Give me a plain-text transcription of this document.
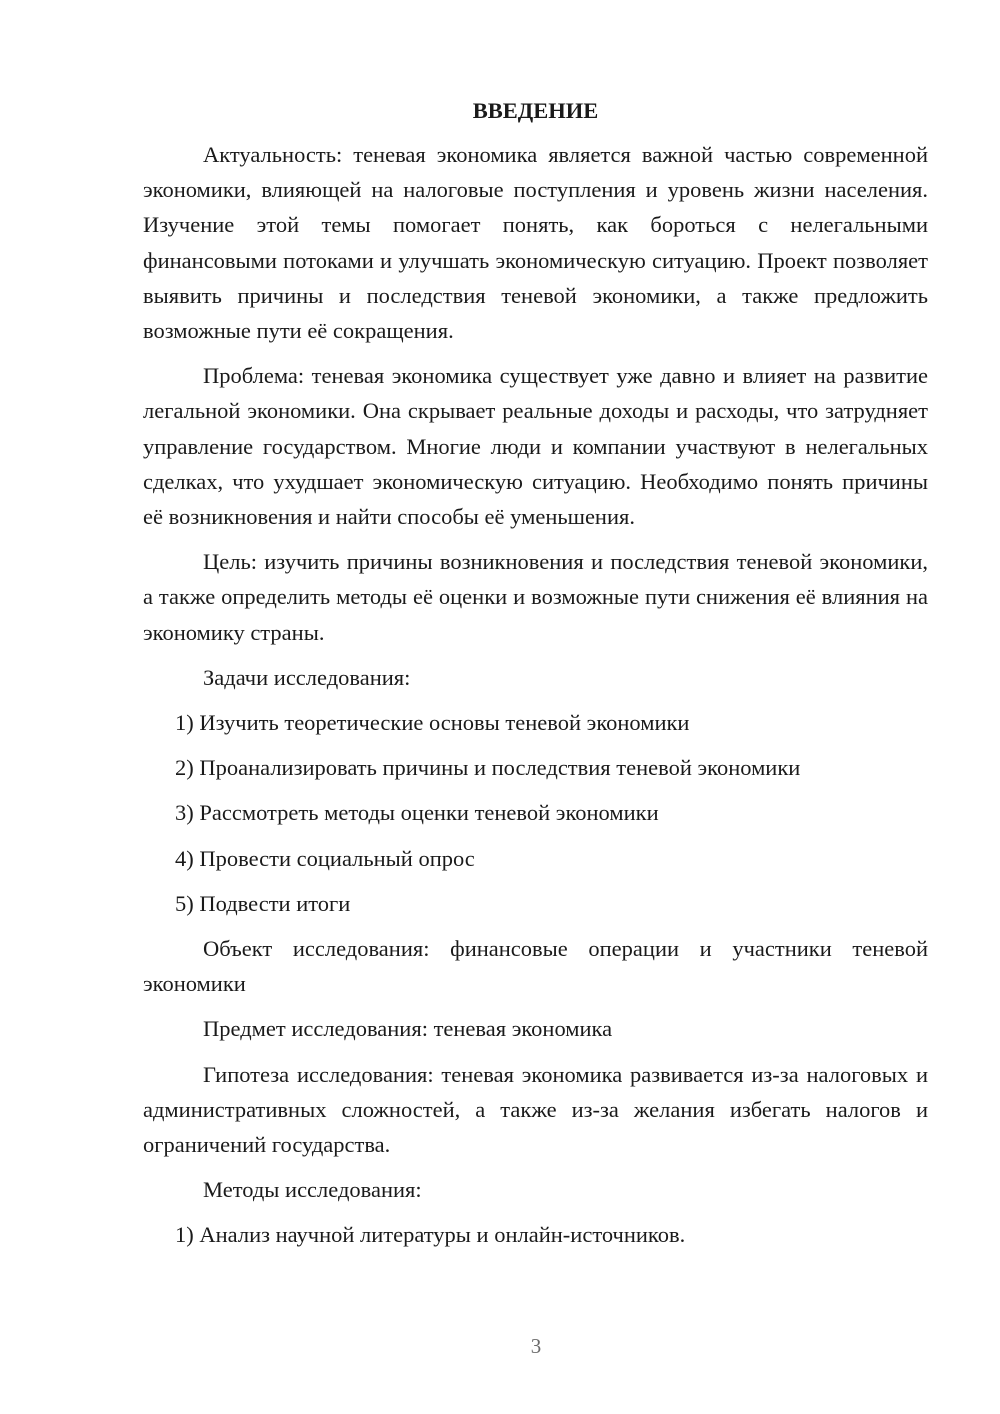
ВВЕДЕНИЕ

Актуальность: теневая экономика является важной частью современной экономики, влияющей на налоговые поступления и уровень жизни населения. Изучение этой темы помогает понять, как бороться с нелегальными финансовыми потоками и улучшать экономическую ситуацию. Проект позволяет выявить причины и последствия теневой экономики, а также предложить возможные пути её сокращения.

Проблема: теневая экономика существует уже давно и влияет на развитие легальной экономики. Она скрывает реальные доходы и расходы, что затрудняет управление государством. Многие люди и компании участвуют в нелегальных сделках, что ухудшает экономическую ситуацию. Необходимо понять причины её возникновения и найти способы её уменьшения.

Цель: изучить причины возникновения и последствия теневой экономики, а также определить методы её оценки и возможные пути снижения её влияния на экономику страны.

Задачи исследования:

1) Изучить теоретические основы теневой экономики

2) Проанализировать причины и последствия теневой экономики

3) Рассмотреть методы оценки теневой экономики

4) Провести социальный опрос

5) Подвести итоги

Объект исследования: финансовые операции и участники теневой экономики

Предмет исследования: теневая экономика

Гипотеза исследования: теневая экономика развивается из-за налоговых и административных сложностей, а также из-за желания избегать налогов и ограничений государства.

Методы исследования:

1) Анализ научной литературы и онлайн-источников.

3
